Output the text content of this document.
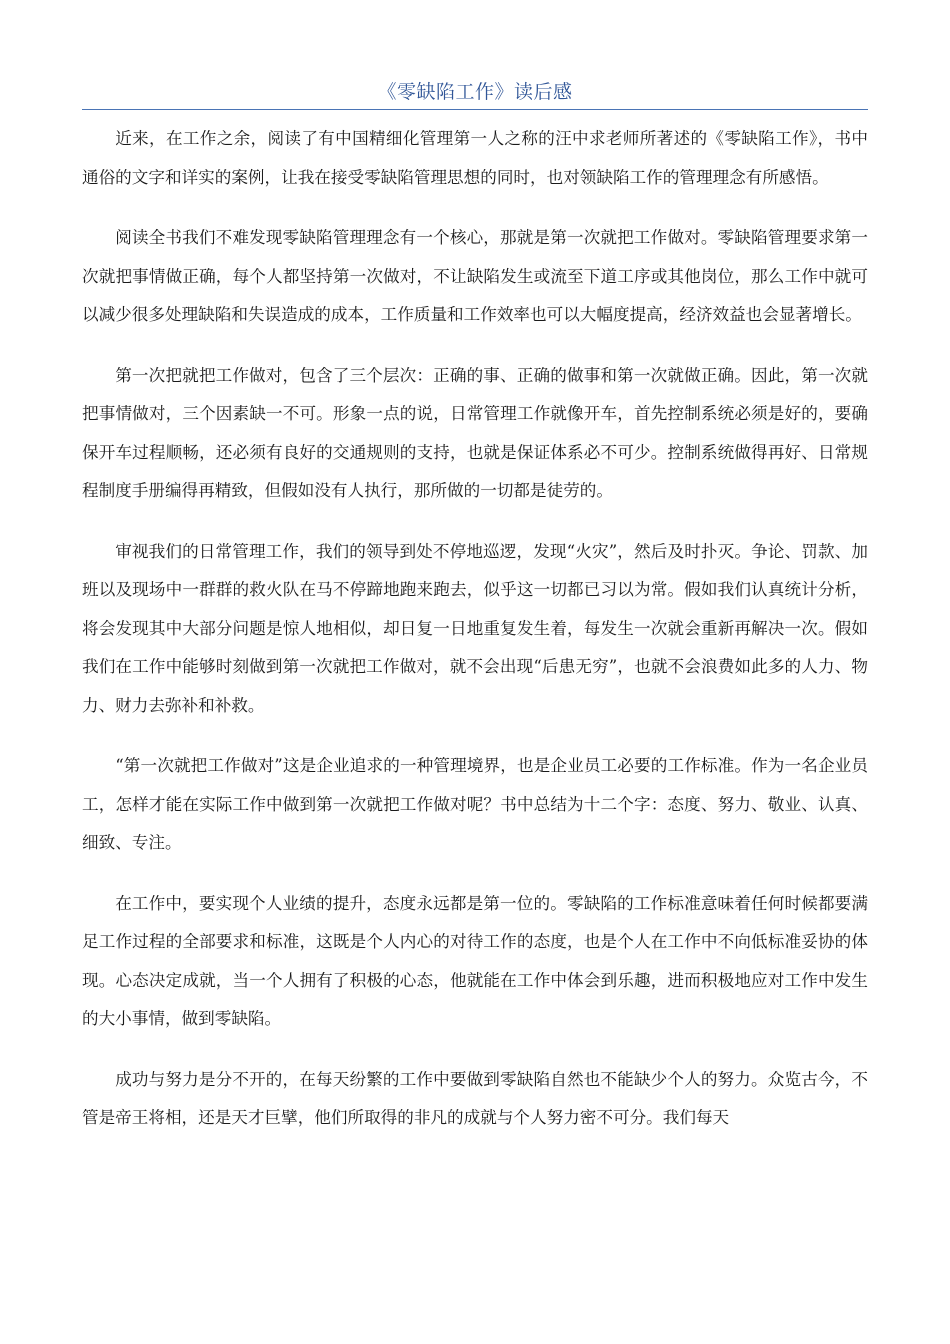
《零缺陷工作》读后感

近来，在工作之余，阅读了有中国精细化管理第一人之称的汪中求老师所著述的《零缺陷工作》，书中通俗的文字和详实的案例，让我在接受零缺陷管理思想的同时，也对领缺陷工作的管理理念有所感悟。

阅读全书我们不难发现零缺陷管理理念有一个核心，那就是第一次就把工作做对。零缺陷管理要求第一次就把事情做正确，每个人都坚持第一次做对，不让缺陷发生或流至下道工序或其他岗位，那么工作中就可以减少很多处理缺陷和失误造成的成本，工作质量和工作效率也可以大幅度提高，经济效益也会显著增长。

第一次把就把工作做对，包含了三个层次：正确的事、正确的做事和第一次就做正确。因此，第一次就把事情做对，三个因素缺一不可。形象一点的说，日常管理工作就像开车，首先控制系统必须是好的，要确保开车过程顺畅，还必须有良好的交通规则的支持，也就是保证体系必不可少。控制系统做得再好、日常规程制度手册编得再精致，但假如没有人执行，那所做的一切都是徒劳的。

审视我们的日常管理工作，我们的领导到处不停地巡逻，发现“火灾”，然后及时扑灭。争论、罚款、加班以及现场中一群群的救火队在马不停蹄地跑来跑去，似乎这一切都已习以为常。假如我们认真统计分析，将会发现其中大部分问题是惊人地相似，却日复一日地重复发生着，每发生一次就会重新再解决一次。假如我们在工作中能够时刻做到第一次就把工作做对，就不会出现“后患无穷”，也就不会浪费如此多的人力、物力、财力去弥补和补救。

“第一次就把工作做对”这是企业追求的一种管理境界，也是企业员工必要的工作标准。作为一名企业员工，怎样才能在实际工作中做到第一次就把工作做对呢？书中总结为十二个字：态度、努力、敬业、认真、细致、专注。

在工作中，要实现个人业绩的提升，态度永远都是第一位的。零缺陷的工作标准意味着任何时候都要满足工作过程的全部要求和标准，这既是个人内心的对待工作的态度，也是个人在工作中不向低标准妥协的体现。心态决定成就，当一个人拥有了积极的心态，他就能在工作中体会到乐趣，进而积极地应对工作中发生的大小事情，做到零缺陷。

成功与努力是分不开的，在每天纷繁的工作中要做到零缺陷自然也不能缺少个人的努力。众览古今，不管是帝王将相，还是天才巨擘，他们所取得的非凡的成就与个人努力密不可分。我们每天
